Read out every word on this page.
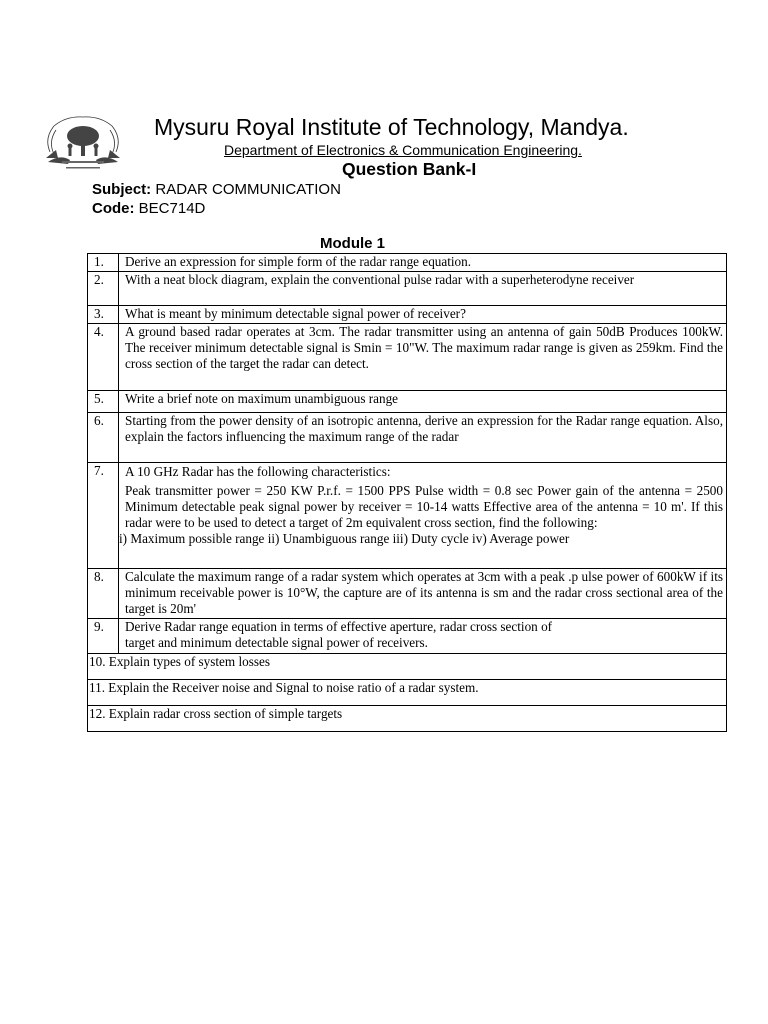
Mysuru Royal Institute of Technology, Mandya.
Department of Electronics & Communication Engineering.
Question Bank-I
Subject: RADAR COMMUNICATION
Code: BEC714D
Module 1
1.	Derive an expression for simple form of the radar range equation.
2.	With a neat block diagram, explain the conventional pulse radar with a superheterodyne receiver
3.	What is meant by minimum detectable signal power of receiver?
4.	A ground based radar operates at 3cm. The radar transmitter using an antenna of gain 50dB Produces 100kW. The receiver minimum detectable signal is Smin = 10"W. The maximum radar range is given as 259km. Find the cross section of the target the radar can detect.
5.	Write a brief note on maximum unambiguous range
6.	Starting from the power density of an isotropic antenna, derive an expression for the Radar range equation. Also, explain the factors influencing the maximum range of the radar
7.	A 10 GHz Radar has the following characteristics:
Peak transmitter power = 250 KW P.r.f. = 1500 PPS Pulse width = 0.8 sec Power gain of the antenna = 2500 Minimum detectable peak signal power by receiver = 10-14 watts Effective area of the antenna = 10 m'. If this radar were to be used to detect a target of 2m equivalent cross section, find the following:
i) Maximum possible range ii) Unambiguous range iii) Duty cycle iv) Average power

8.	Calculate the maximum range of a radar system which operates at 3cm with a peak .p ulse power of 600kW if its minimum receivable power is 10°W, the capture are of its antenna is sm and the radar cross sectional area of the target is 20m'
9.	Derive Radar range equation in terms of effective aperture, radar cross section of
target and minimum detectable signal power of receivers.

10. Explain types of system losses	
11. Explain the Receiver noise and Signal to noise ratio of a radar system.	
12. Explain radar cross section of simple targets	
